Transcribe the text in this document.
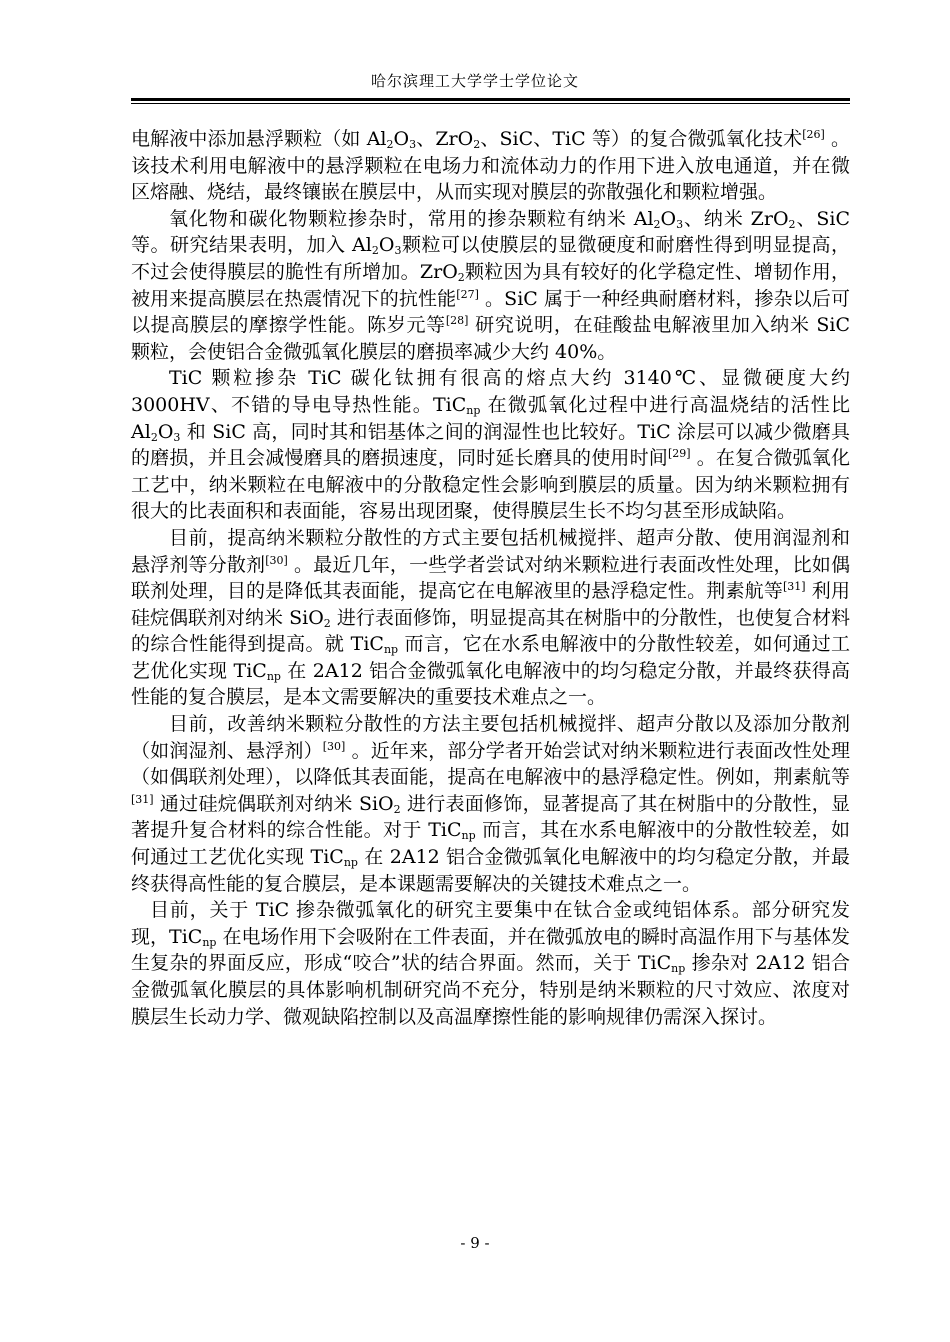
哈尔滨理工大学学士学位论文

电解液中添加悬浮颗粒（如 $Al_2O_3$、ZrO$_2$、SiC、TiC 等）的复合微弧氧化技术[26] 。该技术利用电解液中的悬浮颗粒在电场力和流体动力的作用下进入放电通道，并在微区熔融、烧结，最终镶嵌在膜层中，从而实现对膜层的弥散强化和颗粒增强。

氧化物和碳化物颗粒掺杂时，常用的掺杂颗粒有纳米 $Al_2O_3$、纳米 ZrO$_2$、SiC 等。研究结果表明，加入 $Al_2O_3$颗粒可以使膜层的显微硬度和耐磨性得到明显提高，不过会使得膜层的脆性有所增加。ZrO$_2$颗粒因为具有较好的化学稳定性、增韧作用，被用来提高膜层在热震情况下的抗性能[27] 。SiC 属于一种经典耐磨材料，掺杂以后可以提高膜层的摩擦学性能。陈岁元等[28] 研究说明，在硅酸盐电解液里加入纳米 SiC 颗粒，会使铝合金微弧氧化膜层的磨损率减少大约 40%。

TiC 颗粒掺杂 TiC 碳化钛拥有很高的熔点大约 3140℃、显微硬度大约 3000HV、不错的导电导热性能。TiC$_{np}$ 在微弧氧化过程中进行高温烧结的活性比 $Al_2O_3$ 和 SiC 高，同时其和铝基体之间的润湿性也比较好。TiC 涂层可以减少微磨具的磨损，并且会减慢磨具的磨损速度，同时延长磨具的使用时间[29] 。在复合微弧氧化工艺中，纳米颗粒在电解液中的分散稳定性会影响到膜层的质量。因为纳米颗粒拥有很大的比表面积和表面能，容易出现团聚，使得膜层生长不均匀甚至形成缺陷。

目前，提高纳米颗粒分散性的方式主要包括机械搅拌、超声分散、使用润湿剂和悬浮剂等分散剂[30] 。最近几年，一些学者尝试对纳米颗粒进行表面改性处理，比如偶联剂处理，目的是降低其表面能，提高它在电解液里的悬浮稳定性。荆素航等[31] 利用硅烷偶联剂对纳米 SiO$_2$ 进行表面修饰，明显提高其在树脂中的分散性，也使复合材料的综合性能得到提高。就 TiC$_{np}$ 而言，它在水系电解液中的分散性较差，如何通过工艺优化实现 TiC$_{np}$ 在 2A12 铝合金微弧氧化电解液中的均匀稳定分散，并最终获得高性能的复合膜层，是本文需要解决的重要技术难点之一。

目前，改善纳米颗粒分散性的方法主要包括机械搅拌、超声分散以及添加分散剂（如润湿剂、悬浮剂）[30] 。近年来，部分学者开始尝试对纳米颗粒进行表面改性处理（如偶联剂处理），以降低其表面能，提高在电解液中的悬浮稳定性。例如，荆素航等[31] 通过硅烷偶联剂对纳米 SiO$_2$ 进行表面修饰，显著提高了其在树脂中的分散性，显著提升复合材料的综合性能。对于 TiC$_{np}$ 而言，其在水系电解液中的分散性较差，如何通过工艺优化实现 TiC$_{np}$ 在 2A12 铝合金微弧氧化电解液中的均匀稳定分散，并最终获得高性能的复合膜层，是本课题需要解决的关键技术难点之一。

目前，关于 TiC 掺杂微弧氧化的研究主要集中在钛合金或纯铝体系。部分研究发现，TiC$_{np}$ 在电场作用下会吸附在工件表面，并在微弧放电的瞬时高温作用下与基体发生复杂的界面反应，形成“咬合”状的结合界面。然而，关于 TiC$_{np}$ 掺杂对 2A12 铝合金微弧氧化膜层的具体影响机制研究尚不充分，特别是纳米颗粒的尺寸效应、浓度对膜层生长动力学、微观缺陷控制以及高温摩擦性能的影响规律仍需深入探讨。

- 9 -
